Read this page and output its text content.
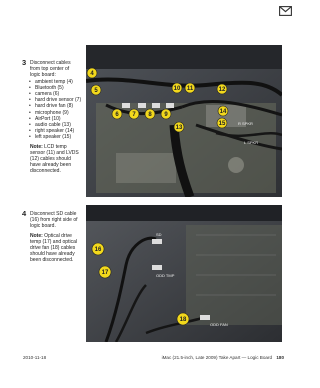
3 Disconnect cables
from top center of
logic board:
• ambient temp (4)
• Bluetooth (5)
• camera (6)
• hard drive sensor (7)
• hard drive fan (8)
• microphone (9)
• AirPort (10)
• audio cable (13)
• right speaker (14)
• left speaker (15)
Note: LCD temp
sensor (11) and LVDS
(12) cables should
have already been
disconnected.
R SPKR
L SPKR
4
5
6 7 8 9
10 11	12
13
14
15
4 Disconnect SD cable
(16) from right side of
logic board.
Note: Optical drive
temp (17) and optical
drive fan (18) cables
should have already
been disconnected.
SD
ODD TMP
ODD FAN
16
17
18
2010-11-18	iMac (21.5-inch, Late 2009) Take Apart — Logic Board 180
